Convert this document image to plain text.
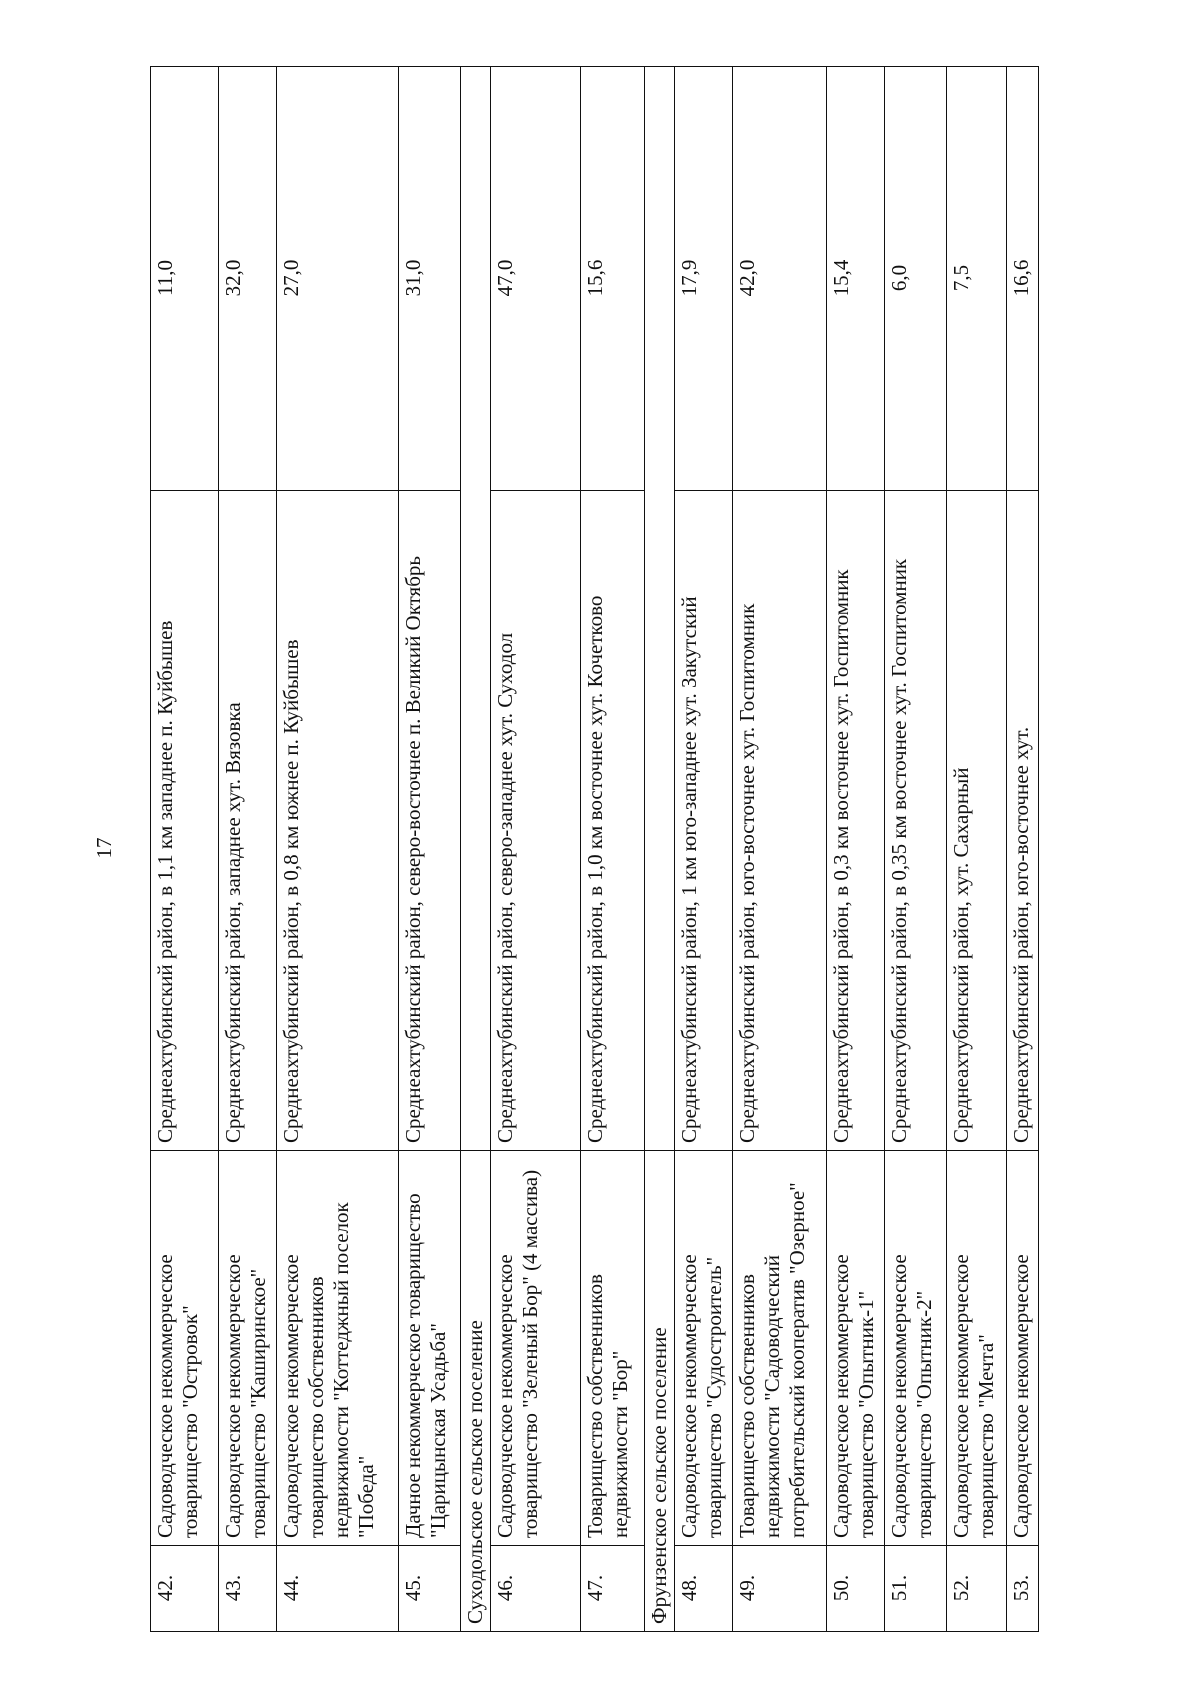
17
42.	Садоводческое некоммерческое товарищество "Островок"	Среднеахтубинский район, в 1,1 км западнее п. Куйбышев	11,0
43.	Садоводческое некоммерческое товарищество "Каширинское"	Среднеахтубинский район, западнее хут. Вязовка	32,0
44.	Садоводческое некоммерческое товарищество собственников недвижимости "Коттеджный поселок "Победа"	Среднеахтубинский район, в 0,8 км южнее п. Куйбышев	27,0
45.	Дачное некоммерческое товарищество "Царицынская Усадьба"	Среднеахтубинский район, северо-восточнее п. Великий Октябрь	31,0
Суходольское сельское поселение			
46.	Садоводческое некоммерческое товарищество "Зеленый Бор" (4 массива)	Среднеахтубинский район, северо-западнее хут. Суходол	47,0
47.	Товарищество собственников недвижимости "Бор"	Среднеахтубинский район, в 1,0 км восточнее хут. Кочетково	15,6
Фрунзенское сельское поселение			
48.	Садоводческое некоммерческое товарищество "Судостроитель"	Среднеахтубинский район, 1 км юго-западнее хут. Закутский	17,9
49.	Товарищество собственников недвижимости "Садоводческий потребительский кооператив "Озерное"	Среднеахтубинский район, юго-восточнее хут. Госпитомник	42,0
50.	Садоводческое некоммерческое товарищество "Опытник-1"	Среднеахтубинский район, в 0,3 км восточнее хут. Госпитомник	15,4
51.	Садоводческое некоммерческое товарищество "Опытник-2"	Среднеахтубинский район, в 0,35 км восточнее хут. Госпитомник	6,0
52.	Садоводческое некоммерческое товарищество "Мечта"	Среднеахтубинский район, хут. Сахарный	7,5
53.	Садоводческое некоммерческое	Среднеахтубинский район, юго-восточнее хут.	16,6
